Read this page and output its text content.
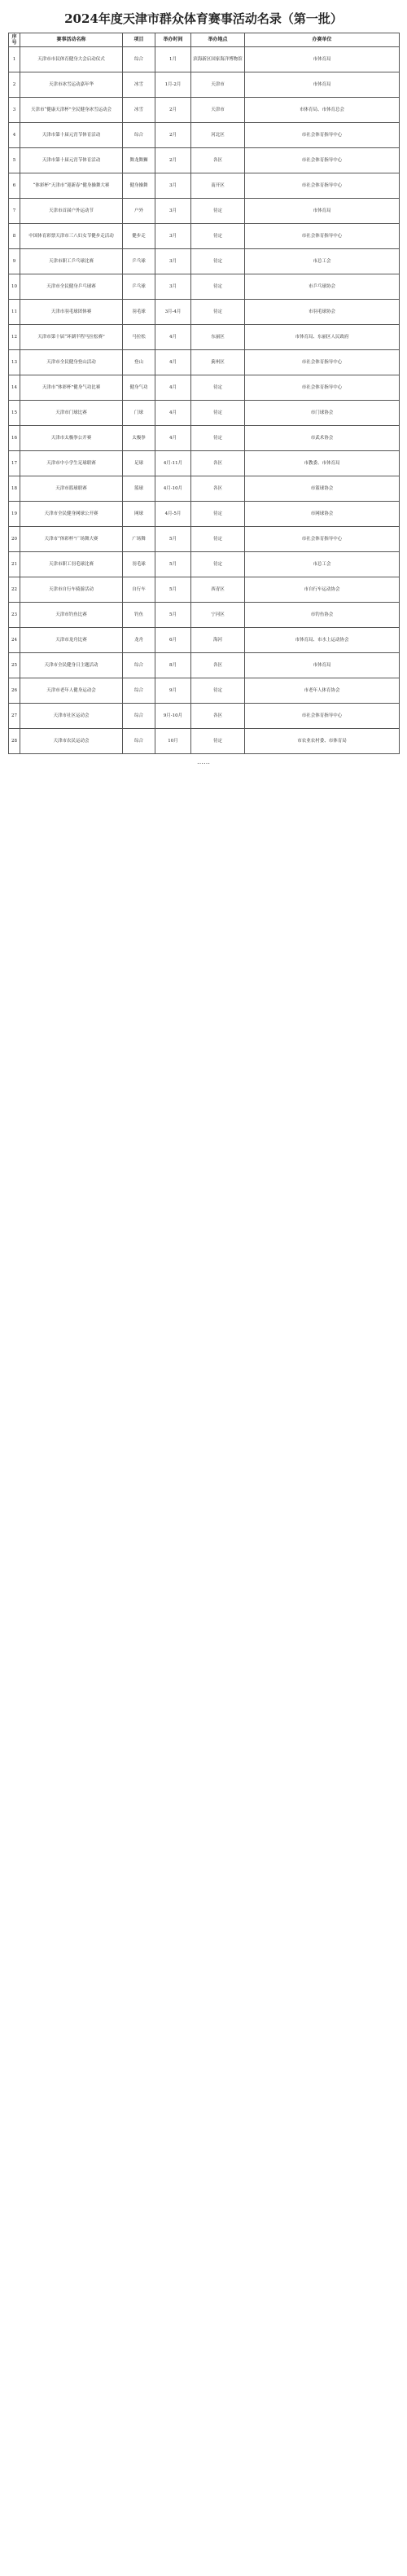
2024年度天津市群众体育赛事活动名录（第一批）
序号	赛事活动名称	项目	举办时间	举办地点	办赛单位
1	天津市市民体育健身大会启动仪式	综合	1月	滨海新区国家海洋博物馆	市体育局
2	天津市冰雪运动嘉年华	冰雪	1月-2月	天津市	市体育局
3	天津市“健康天津杯”全民健身冰雪运动会	冰雪	2月	天津市	市体育局、市体育总会
4	天津市第十届元宵节体育活动	综合	2月	河北区	市社会体育指导中心
5	天津市第十届元宵节体育活动	舞龙舞狮	2月	各区	市社会体育指导中心
6	“体彩杯”天津市“迎新春”健身操舞大赛	健身操舞	3月	南开区	市社会体育指导中心
7	天津市首届户外运动节	户外	3月	待定	市体育局
8	中国体育彩票天津市三八妇女节健步走活动	健步走	3月	待定	市社会体育指导中心
9	天津市职工乒乓球比赛	乒乓球	3月	待定	市总工会
10	天津市全民健身乒乓球赛	乒乓球	3月	待定	市乒乓球协会
11	天津市羽毛球团体赛	羽毛球	3月-4月	待定	市羽毛球协会
12	天津市第十届“环湖半程马拉松赛”	马拉松	4月	东丽区	市体育局、东丽区人民政府
13	天津市全民健身登山活动	登山	4月	蓟州区	市社会体育指导中心
14	天津市“体彩杯”健身气功比赛	健身气功	4月	待定	市社会体育指导中心
15	天津市门球比赛	门球	4月	待定	市门球协会
16	天津市太极拳公开赛	太极拳	4月	待定	市武术协会
17	天津市中小学生足球联赛	足球	4月-11月	各区	市教委、市体育局
18	天津市篮球联赛	篮球	4月-10月	各区	市篮球协会
19	天津市全民健身网球公开赛	网球	4月-5月	待定	市网球协会
20	天津市“体彩杯”广场舞大赛	广场舞	5月	待定	市社会体育指导中心
21	天津市职工羽毛球比赛	羽毛球	5月	待定	市总工会
22	天津市自行车骑游活动	自行车	5月	西青区	市自行车运动协会
23	天津市钓鱼比赛	钓鱼	5月	宁河区	市钓鱼协会
24	天津市龙舟比赛	龙舟	6月	海河	市体育局、市水上运动协会
25	天津市全民健身日主题活动	综合	8月	各区	市体育局
26	天津市老年人健身运动会	综合	9月	待定	市老年人体育协会
27	天津市社区运动会	综合	9月-10月	各区	市社会体育指导中心
28	天津市农民运动会	综合	10月	待定	市农业农村委、市体育局
……
